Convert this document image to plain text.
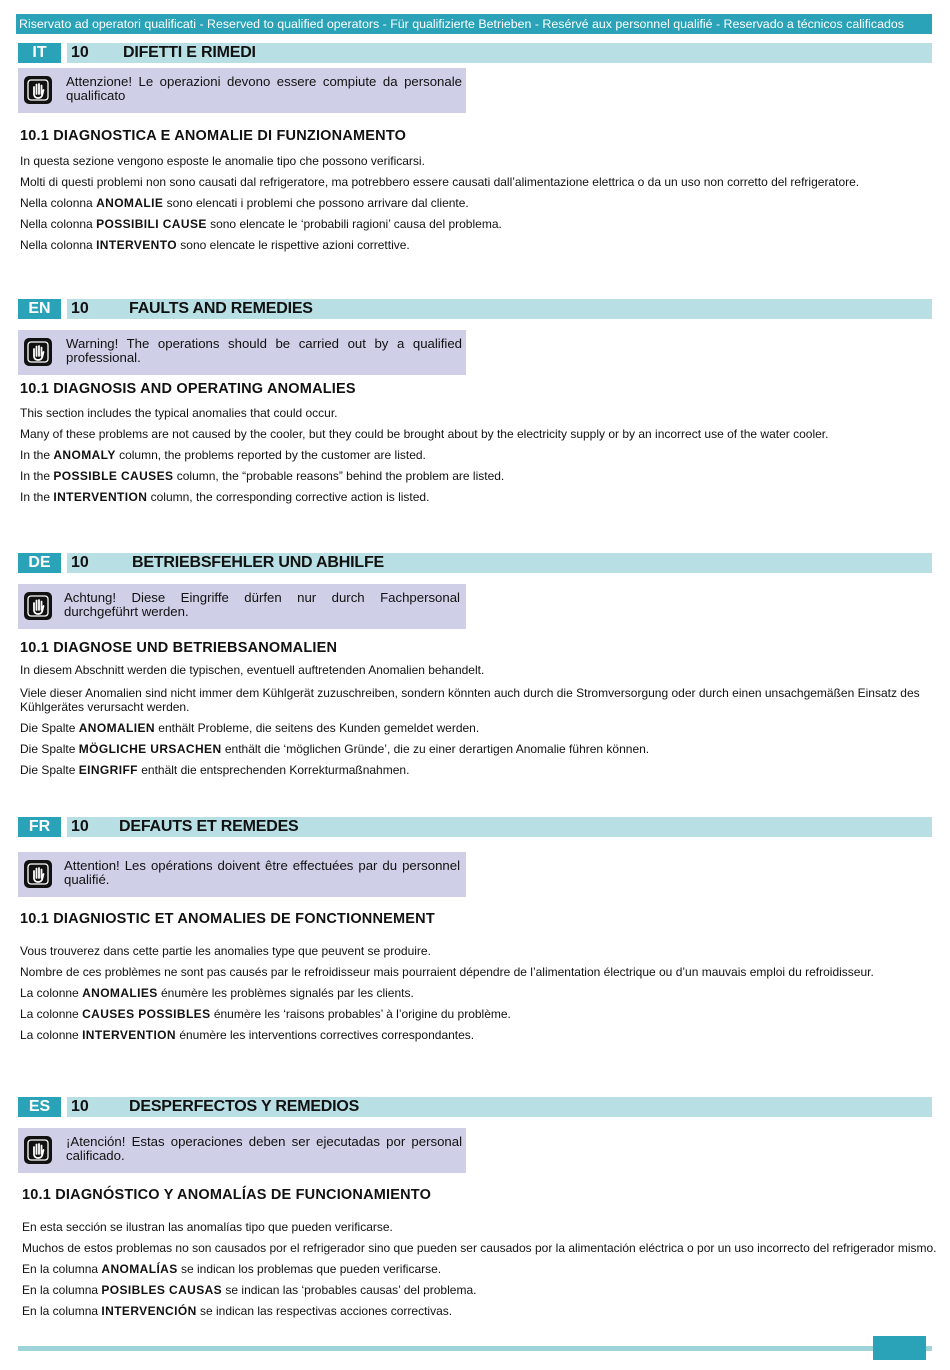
Riservato ad operatori qualificati - Reserved to qualified operators - Für qualifizierte Betrieben - Resérvé aux personnel qualifié - Reservado a técnicos calificados
IT	10 DIFETTI E RIMEDI
Attenzione! Le operazioni devono essere compiute da personale qualificato
10.1 DIAGNOSTICA E ANOMALIE DI FUNZIONAMENTO
In questa sezione vengono esposte le anomalie tipo che possono verificarsi.
Molti di questi problemi non sono causati dal refrigeratore, ma potrebbero essere causati dall’alimentazione elettrica o da un uso non corretto del refrigeratore.
Nella colonna ANOMALIE sono elencati i problemi che possono arrivare dal cliente.
Nella colonna POSSIBILI CAUSE sono elencate le ‘probabili ragioni’ causa del problema.
Nella colonna INTERVENTO sono elencate le rispettive azioni correttive.
EN	10	FAULTS AND REMEDIES
Warning! The operations should be carried out by a qualified professional.
10.1 DIAGNOSIS AND OPERATING ANOMALIES
This section includes the typical anomalies that could occur.
Many of these problems are not caused by the cooler, but they could be brought about by the electricity supply or by an incorrect use of the water cooler.
In the ANOMALY column, the problems reported by the customer are listed.
In the POSSIBLE CAUSES column, the “probable reasons” behind the problem are listed.
In the INTERVENTION column, the corresponding corrective action is listed.
DE	10	BETRIEBSFEHLER UND ABHILFE
Achtung! Diese Eingriffe dürfen nur durch Fachpersonal durchgeführt werden.
10.1 DIAGNOSE UND BETRIEBSANOMALIEN
In diesem Abschnitt werden die typischen, eventuell auftretenden Anomalien behandelt.
Viele dieser Anomalien sind nicht immer dem Kühlgerät zuzuschreiben, sondern könnten auch durch die Stromversorgung oder durch einen unsachgemäßen Einsatz des Kühlgerätes verursacht werden.
Die Spalte ANOMALIEN enthält Probleme, die seitens des Kunden gemeldet werden.
Die Spalte MÖGLICHE URSACHEN enthält die ‘möglichen Gründe’, die zu einer derartigen Anomalie führen können.
Die Spalte EINGRIFF enthält die entsprechenden Korrekturmaßnahmen.
FR	10 DEFAUTS ET REMEDES
Attention! Les opérations doivent être effectuées par du personnel qualifié.
10.1 DIAGNIOSTIC ET ANOMALIES DE FONCTIONNEMENT
Vous trouverez dans cette partie les anomalies type que peuvent se produire.
Nombre de ces problèmes ne sont pas causés par le refroidisseur mais pourraient dépendre de l’alimentation électrique ou d’un mauvais emploi du refroidisseur.
La colonne ANOMALIES énumère les problèmes signalés par les clients.
La colonne CAUSES POSSIBLES énumère les ‘raisons probables’ à l’origine du problème.
La colonne INTERVENTION énumère les interventions correctives correspondantes.
ES	10	DESPERFECTOS Y REMEDIOS
¡Atención! Estas operaciones deben ser ejecutadas por personal calificado.
10.1 DIAGNÓSTICO Y ANOMALÍAS DE FUNCIONAMIENTO
En esta sección se ilustran las anomalías tipo que pueden verificarse.
Muchos de estos problemas no son causados por el refrigerador sino que pueden ser causados por la alimentación eléctrica o por un uso incorrecto del refrigerador mismo.
En la columna ANOMALÍAS se indican los problemas que pueden verificarse.
En la columna POSIBLES CAUSAS se indican las ‘probables causas’ del problema.
En la columna INTERVENCIÓN se indican las respectivas acciones correctivas.
